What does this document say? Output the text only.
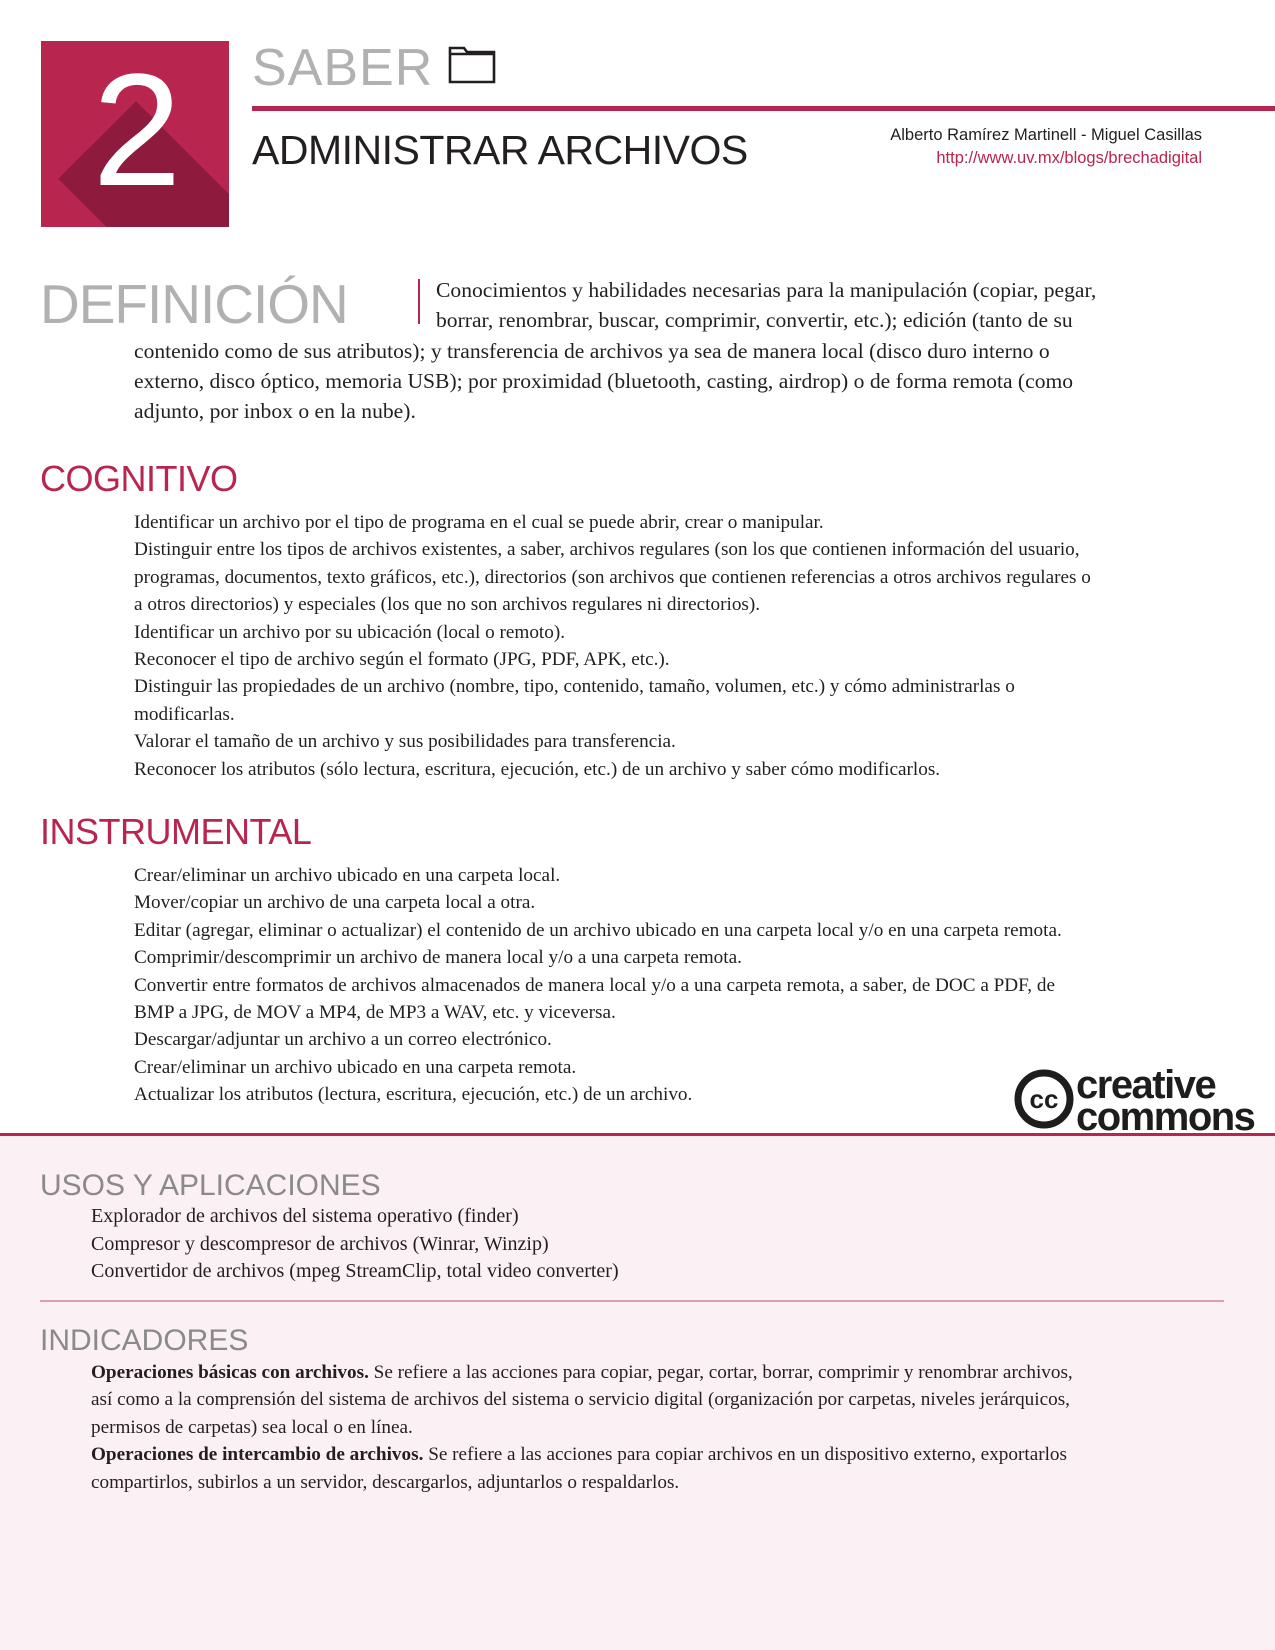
2	SABER
ADMINISTRAR ARCHIVOS	Alberto Ramírez Martinell - Miguel Casillas
http://www.uv.mx/blogs/brechadigital
DEFINICIÓN	Conocimientos y habilidades necesarias para la manipulación (copiar, pegar,
borrar, renombrar, buscar, comprimir, convertir, etc.); edición (tanto de su
contenido como de sus atributos); y transferencia de archivos ya sea de manera local (disco duro interno o
externo, disco óptico, memoria USB); por proximidad (bluetooth, casting, airdrop) o de forma remota (como
adjunto, por inbox o en la nube).
COGNITIVO
Identificar un archivo por el tipo de programa en el cual se puede abrir, crear o manipular.
Distinguir entre los tipos de archivos existentes, a saber, archivos regulares (son los que contienen información del usuario,
programas, documentos, texto gráficos, etc.), directorios (son archivos que contienen referencias a otros archivos regulares o
a otros directorios) y especiales (los que no son archivos regulares ni directorios).
Identificar un archivo por su ubicación (local o remoto).
Reconocer el tipo de archivo según el formato (JPG, PDF, APK, etc.).
Distinguir las propiedades de un archivo (nombre, tipo, contenido, tamaño, volumen, etc.) y cómo administrarlas o
modificarlas.
Valorar el tamaño de un archivo y sus posibilidades para transferencia.
Reconocer los atributos (sólo lectura, escritura, ejecución, etc.) de un archivo y saber cómo modificarlos.
INSTRUMENTAL
Crear/eliminar un archivo ubicado en una carpeta local.
Mover/copiar un archivo de una carpeta local a otra.
Editar (agregar, eliminar o actualizar) el contenido de un archivo ubicado en una carpeta local y/o en una carpeta remota.
Comprimir/descomprimir un archivo de manera local y/o a una carpeta remota.
Convertir entre formatos de archivos almacenados de manera local y/o a una carpeta remota, a saber, de DOC a PDF, de
BMP a JPG, de MOV a MP4, de MP3 a WAV, etc. y viceversa.
Descargar/adjuntar un archivo a un correo electrónico.
Crear/eliminar un archivo ubicado en una carpeta remota.
Actualizar los atributos (lectura, escritura, ejecución, etc.) de un archivo.	cc creative
commons
USOS Y APLICACIONES
Explorador de archivos del sistema operativo (finder)
Compresor y descompresor de archivos (Winrar, Winzip)
Convertidor de archivos (mpeg StreamClip, total video converter)
INDICADORES
Operaciones básicas con archivos. Se refiere a las acciones para copiar, pegar, cortar, borrar, comprimir y renombrar archivos,
así como a la comprensión del sistema de archivos del sistema o servicio digital (organización por carpetas, niveles jerárquicos,
permisos de carpetas) sea local o en línea.
Operaciones de intercambio de archivos. Se refiere a las acciones para copiar archivos en un dispositivo externo, exportarlos
compartirlos, subirlos a un servidor, descargarlos, adjuntarlos o respaldarlos.
